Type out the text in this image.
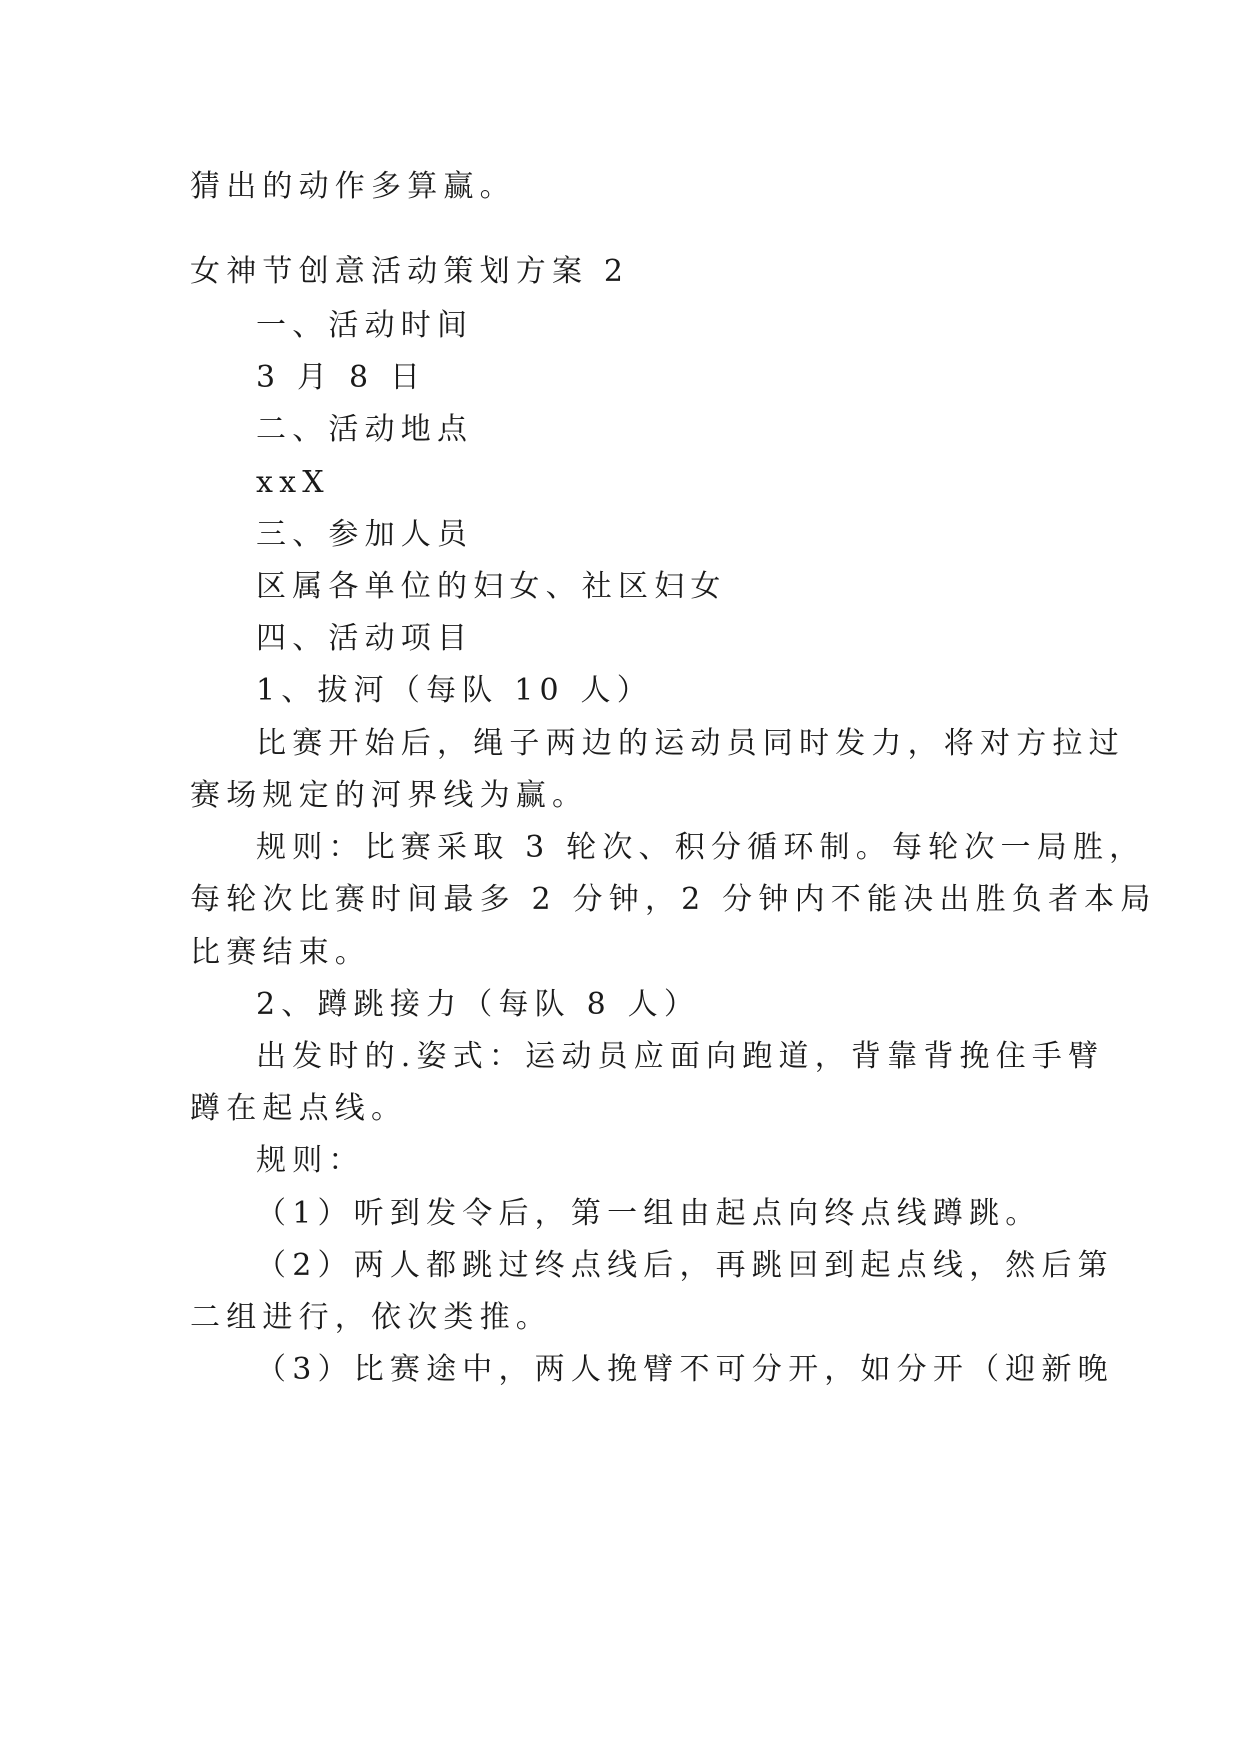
猜出的动作多算赢。
女神节创意活动策划方案 2
一、活动时间
3 月 8 日
二、活动地点
xxX
三、参加人员
区属各单位的妇女、社区妇女
四、活动项目
1、拔河（每队 10 人）
比赛开始后，绳子两边的运动员同时发力，将对方拉过
赛场规定的河界线为赢。
规则：比赛采取 3 轮次、积分循环制。每轮次一局胜，
每轮次比赛时间最多 2 分钟，2 分钟内不能决出胜负者本局
比赛结束。
2、蹲跳接力（每队 8 人）
出发时的.姿式：运动员应面向跑道，背靠背挽住手臂
蹲在起点线。
规则：
（1）听到发令后，第一组由起点向终点线蹲跳。
（2）两人都跳过终点线后，再跳回到起点线，然后第
二组进行，依次类推。
（3）比赛途中，两人挽臂不可分开，如分开（迎新晚
